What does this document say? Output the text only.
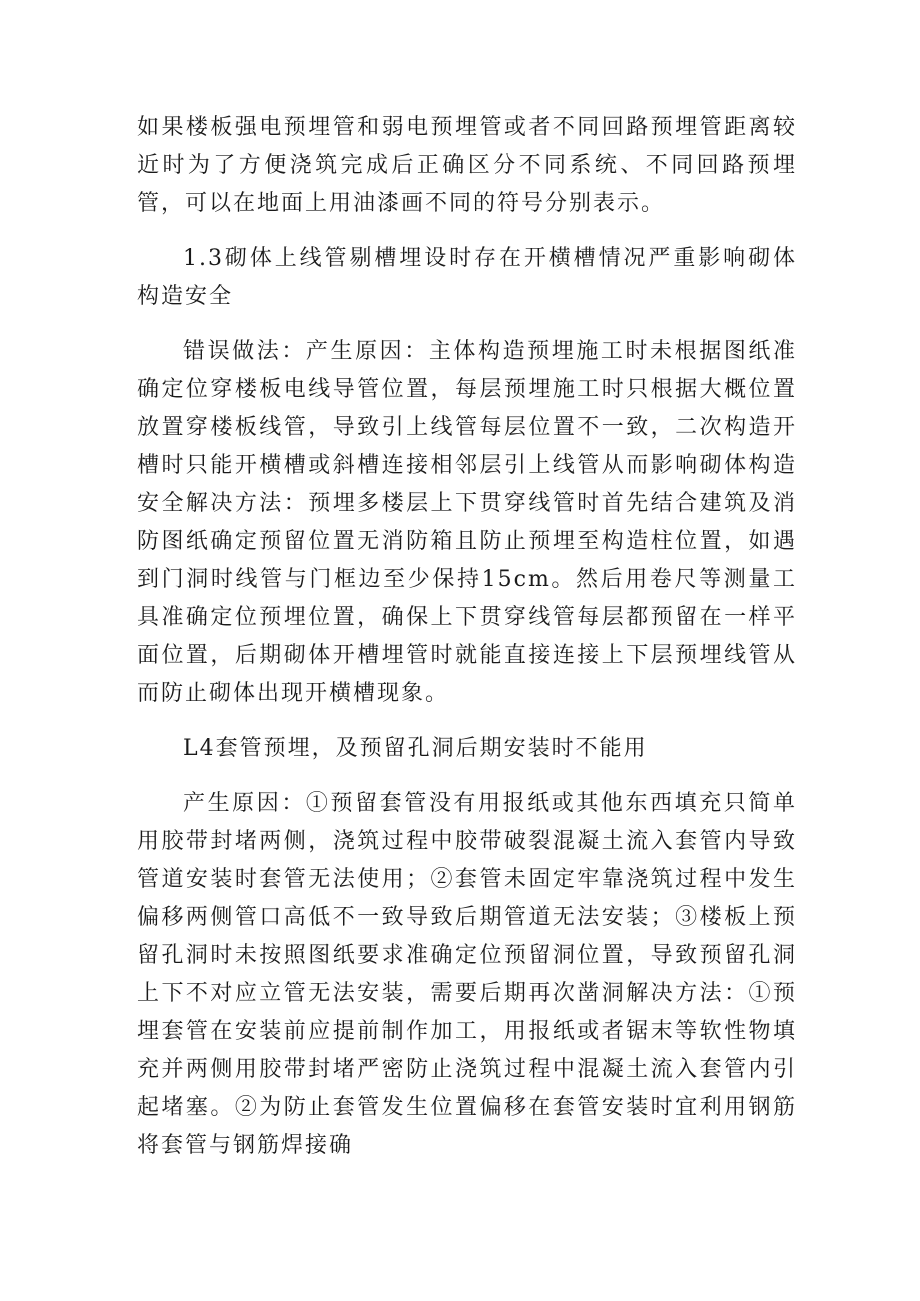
如果楼板强电预埋管和弱电预埋管或者不同回路预埋管距离较近时为了方便浇筑完成后正确区分不同系统、不同回路预埋管，可以在地面上用油漆画不同的符号分别表示。

1.3砌体上线管剔槽埋设时存在开横槽情况严重影响砌体构造安全

错误做法：产生原因：主体构造预埋施工时未根据图纸准确定位穿楼板电线导管位置，每层预埋施工时只根据大概位置放置穿楼板线管，导致引上线管每层位置不一致，二次构造开槽时只能开横槽或斜槽连接相邻层引上线管从而影响砌体构造安全解决方法：预埋多楼层上下贯穿线管时首先结合建筑及消防图纸确定预留位置无消防箱且防止预埋至构造柱位置，如遇到门洞时线管与门框边至少保持15cm。然后用卷尺等测量工具准确定位预埋位置，确保上下贯穿线管每层都预留在一样平面位置，后期砌体开槽埋管时就能直接连接上下层预埋线管从而防止砌体出现开横槽现象。

L4套管预埋，及预留孔洞后期安装时不能用

产生原因：①预留套管没有用报纸或其他东西填充只简单用胶带封堵两侧，浇筑过程中胶带破裂混凝土流入套管内导致管道安装时套管无法使用；②套管未固定牢靠浇筑过程中发生偏移两侧管口高低不一致导致后期管道无法安装；③楼板上预留孔洞时未按照图纸要求准确定位预留洞位置，导致预留孔洞上下不对应立管无法安装，需要后期再次凿洞解决方法：①预埋套管在安装前应提前制作加工，用报纸或者锯末等软性物填充并两侧用胶带封堵严密防止浇筑过程中混凝土流入套管内引起堵塞。②为防止套管发生位置偏移在套管安装时宜利用钢筋将套管与钢筋焊接确
